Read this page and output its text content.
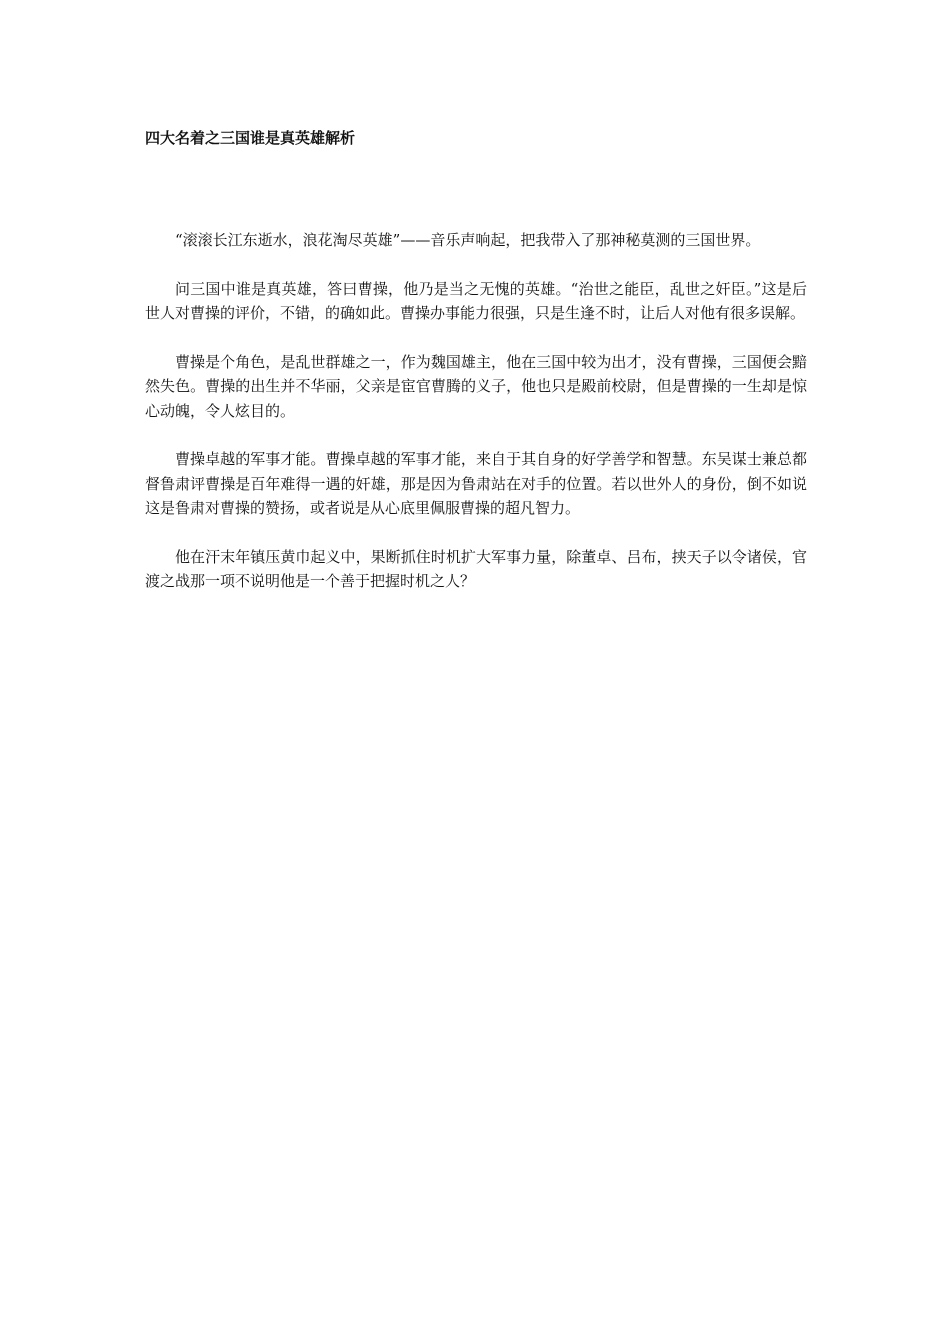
四大名着之三国谁是真英雄解析

“滚滚长江东逝水，浪花淘尽英雄”——音乐声响起，把我带入了那神秘莫测的三国世界。

问三国中谁是真英雄，答曰曹操，他乃是当之无愧的英雄。“治世之能臣，乱世之奸臣。”这是后世人对曹操的评价，不错，的确如此。曹操办事能力很强，只是生逢不时，让后人对他有很多误解。

曹操是个角色，是乱世群雄之一，作为魏国雄主，他在三国中较为出才，没有曹操，三国便会黯然失色。曹操的出生并不华丽，父亲是宦官曹腾的义子，他也只是殿前校尉，但是曹操的一生却是惊心动魄，令人炫目的。

曹操卓越的军事才能。曹操卓越的军事才能，来自于其自身的好学善学和智慧。东吴谋士兼总都督鲁肃评曹操是百年难得一遇的奸雄，那是因为鲁肃站在对手的位置。若以世外人的身份，倒不如说这是鲁肃对曹操的赞扬，或者说是从心底里佩服曹操的超凡智力。

他在汗末年镇压黄巾起义中，果断抓住时机扩大军事力量，除董卓、吕布，挟天子以令诸侯，官渡之战那一项不说明他是一个善于把握时机之人？
